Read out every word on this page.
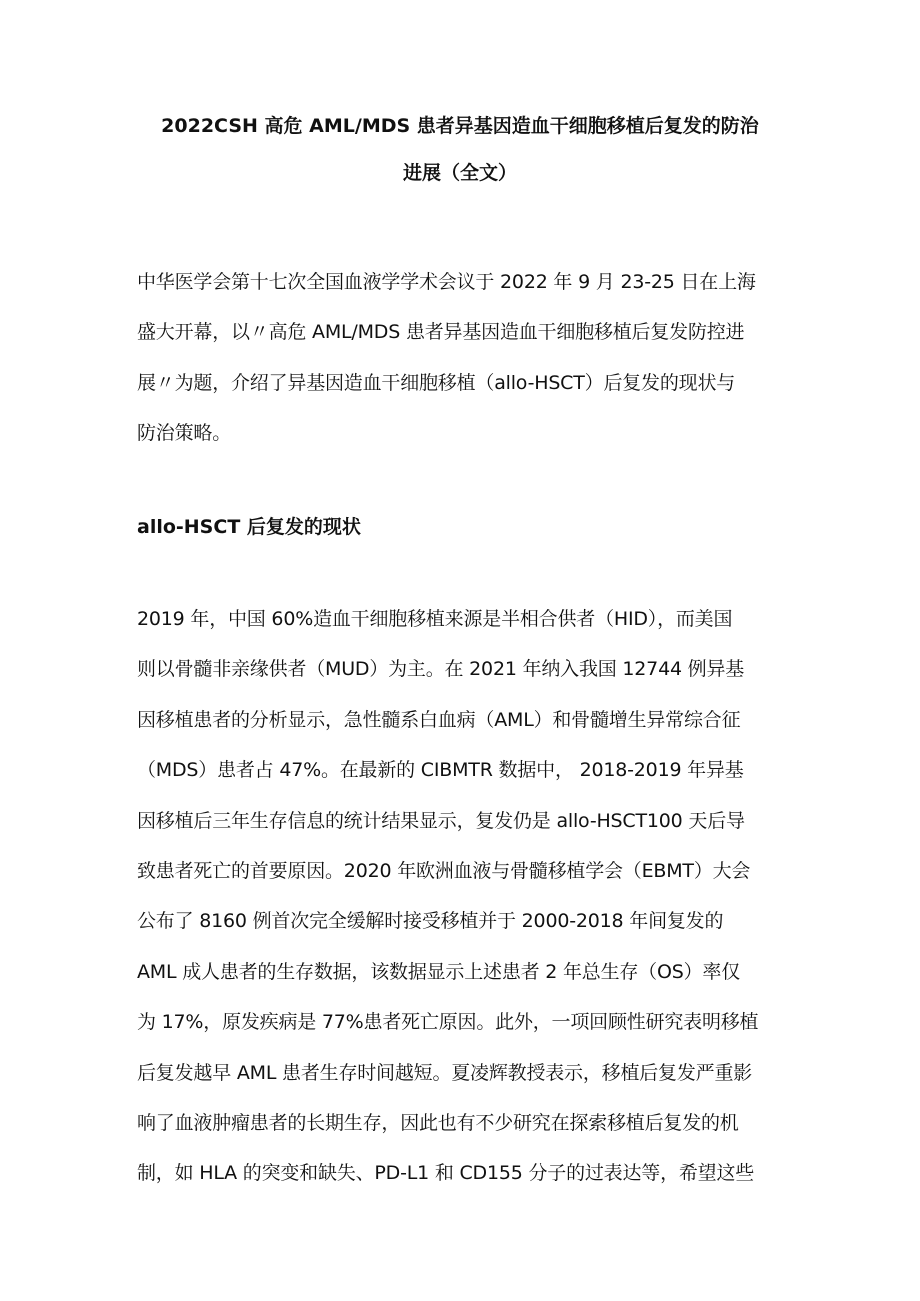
2022CSH 高危 AML/MDS 患者异基因造血干细胞移植后复发的防治
进展（全文）

中华医学会第十七次全国血液学学术会议于 2022 年 9 月 23-25 日在上海
盛大开幕，以〃高危 AML/MDS 患者异基因造血干细胞移植后复发防控进
展〃为题，介绍了异基因造血干细胞移植（allo-HSCT）后复发的现状与
防治策略。

allo-HSCT 后复发的现状

2019 年，中国 60%造血干细胞移植来源是半相合供者（HID），而美国
则以骨髓非亲缘供者（MUD）为主。在 2021 年纳入我国 12744 例异基
因移植患者的分析显示，急性髓系白血病（AML）和骨髓增生异常综合征
（MDS）患者占 47%。在最新的 CIBMTR 数据中， 2018-2019 年异基
因移植后三年生存信息的统计结果显示，复发仍是 allo-HSCT100 天后导
致患者死亡的首要原因。2020 年欧洲血液与骨髓移植学会（EBMT）大会
公布了 8160 例首次完全缓解时接受移植并于 2000-2018 年间复发的
AML 成人患者的生存数据，该数据显示上述患者 2 年总生存（OS）率仅
为 17%，原发疾病是 77%患者死亡原因。此外，一项回顾性研究表明移植
后复发越早 AML 患者生存时间越短。夏凌辉教授表示，移植后复发严重影
响了血液肿瘤患者的长期生存，因此也有不少研究在探索移植后复发的机
制，如 HLA 的突变和缺失、PD-L1 和 CD155 分子的过表达等，希望这些
